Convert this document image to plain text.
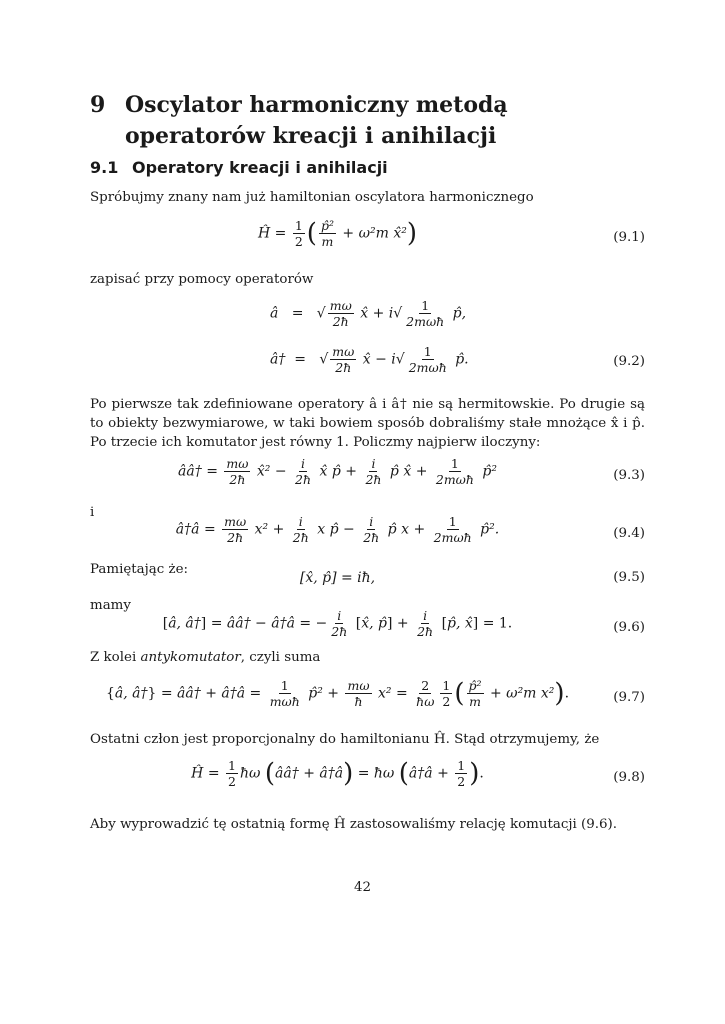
9 Oscylator harmoniczny metodą operatorów kreacji i anihilacji
9.1 Operatory kreacji i anihilacji
Spróbujmy znany nam już hamiltonian oscylatora harmonicznego
Ĥ = $\frac{1}{2}$ ( $\frac{\text{p̂²}}{m} + \omega^2m$ x̂²)	(9.1)
zapisać przy pomocy operatorów
â   = √ $\frac{m\omega}{2ħ}$ x̂ + $i√ \frac{1}{\text{2mωħ}}$ p̂,
â†  = √ $\frac{m\omega}{2ħ}$ x̂ − $i√ \frac{1}{\text{2mωħ}}$ p̂.	(9.2)
Po pierwsze tak zdefiniowane operatory â i â† nie są hermitowskie. Po drugie są to obiekty bezwymiarowe, w taki bowiem sposób dobraliśmy stałe mnożące x̂ i p̂. Po trzecie ich komutator jest równy 1. Policzmy najpierw iloczyny:
ââ† = $\frac{m\omega}{2ħ}$ x̂² − $\frac{i}{2ħ}$ x̂ p̂ + $\frac{i}{2ħ}$ p̂ x̂ + $\frac{1}{\text{2mωħ}}$ p̂²	(9.3)
i
â†â = $\frac{m\omega}{2ħ} x^2 + \frac{i}{2ħ}$ x p̂ − $\frac{i}{2ħ}$ p̂ $x + \frac{1}{\text{2mωħ}}$ p̂².	(9.4)
Pamiętając że:
[x̂, p̂] = iħ,	(9.5)
mamy
[â, â†] = ââ† − â†â = − $\frac{i}{2ħ}$ [x̂, p̂] + $\frac{i}{2ħ}$ [p̂, x̂] = 1.	(9.6)
Z kolei antykomutator, czyli suma
{â, â†} = ââ† + â†â = $\frac{1}{\text{mωħ}}$ p̂² + $\frac{m\omega}{ħ} x^2 = \frac{2}{ħ\omega} \frac{1}{2}$ ( $\frac{\text{p̂²}}{m} + \omega^2m$ x²).	(9.7)
Ostatni człon jest proporcjonalny do hamiltonianu Ĥ. Stąd otrzymujemy, że
Ĥ = $\frac{1}{2}$ ħω (ââ† + â†â) = ħω (â†â + $\frac{1}{2}$ ).	(9.8)
Aby wyprowadzić tę ostatnią formę Ĥ zastosowaliśmy relację komutacji (9.6).
42
